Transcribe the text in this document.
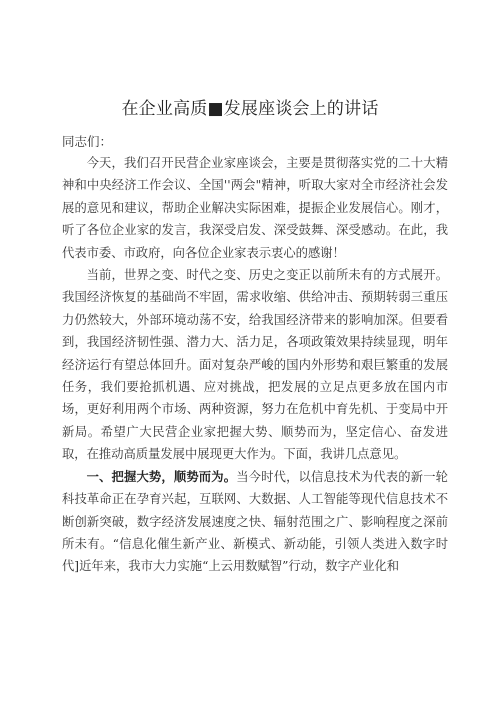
在企业高质■发展座谈会上的讲话
同志们：

今天，我们召开民营企业家座谈会，主要是贯彻落实党的二十大精神和中央经济工作会议、全国''两会"精神，听取大家对全市经济社会发展的意见和建议，帮助企业解决实际困难，提振企业发展信心。刚才，听了各位企业家的发言，我深受启发、深受鼓舞、深受感动。在此，我代表市委、市政府，向各位企业家表示衷心的感谢！

当前，世界之变、时代之变、历史之变正以前所未有的方式展开。我国经济恢复的基础尚不牢固，需求收缩、供给冲击、预期转弱三重压力仍然较大，外部环境动荡不安，给我国经济带来的影响加深。但要看到，我国经济韧性强、潜力大、活力足，各项政策效果持续显现，明年经济运行有望总体回升。面对复杂严峻的国内外形势和艰巨繁重的发展任务，我们要抢抓机遇、应对挑战，把发展的立足点更多放在国内市场，更好利用两个市场、两种资源，努力在危机中育先机、于变局中开新局。希望广大民营企业家把握大势、顺势而为，坚定信心、奋发进取，在推动高质量发展中展现更大作为。下面，我讲几点意见。

一、把握大势，顺势而为。当今时代，以信息技术为代表的新一轮科技革命正在孕育兴起，互联网、大数据、人工智能等现代信息技术不断创新突破，数字经济发展速度之快、辐射范围之广、影响程度之深前所未有。“信息化催生新产业、新模式、新动能，引领人类进入数字时代]近年来，我市大力实施“上云用数赋智”行动，数字产业化和
